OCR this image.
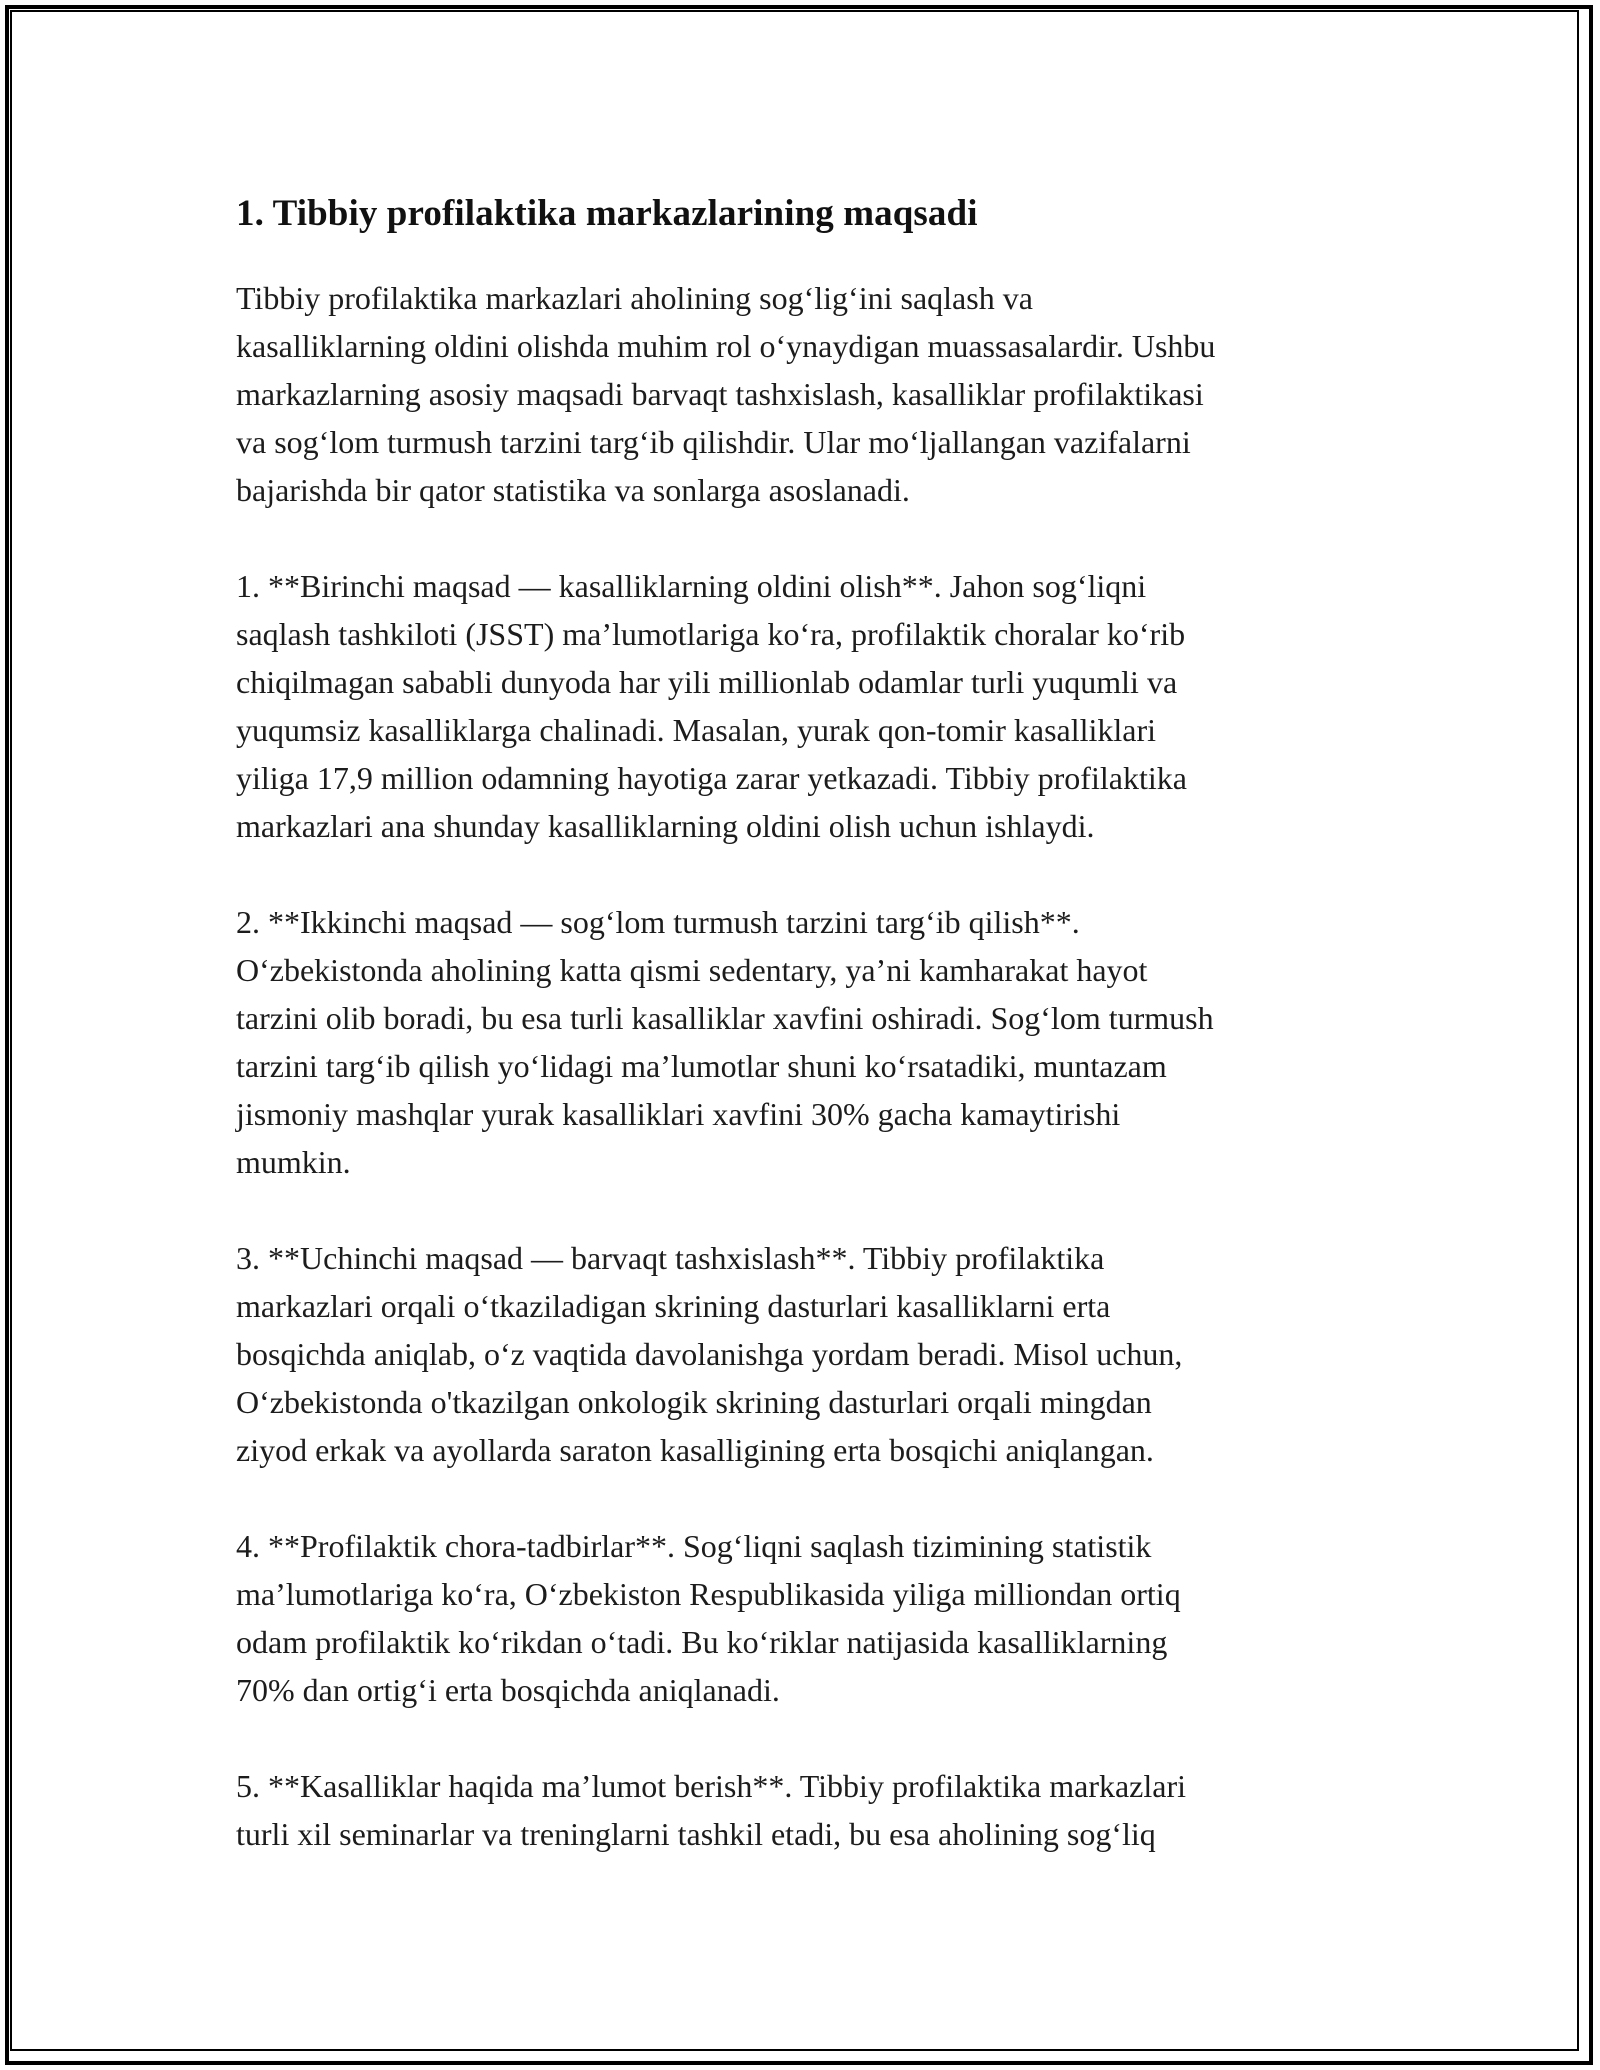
1. Tibbiy profilaktika markazlarining maqsadi

Tibbiy profilaktika markazlari aholining sog‘lig‘ini saqlash va
kasalliklarning oldini olishda muhim rol o‘ynaydigan muassasalardir. Ushbu
markazlarning asosiy maqsadi barvaqt tashxislash, kasalliklar profilaktikasi
va sog‘lom turmush tarzini targ‘ib qilishdir. Ular mo‘ljallangan vazifalarni
bajarishda bir qator statistika va sonlarga asoslanadi.

1. **Birinchi maqsad — kasalliklarning oldini olish**. Jahon sog‘liqni
saqlash tashkiloti (JSST) ma’lumotlariga ko‘ra, profilaktik choralar ko‘rib
chiqilmagan sababli dunyoda har yili millionlab odamlar turli yuqumli va
yuqumsiz kasalliklarga chalinadi. Masalan, yurak qon-tomir kasalliklari
yiliga 17,9 million odamning hayotiga zarar yetkazadi. Tibbiy profilaktika
markazlari ana shunday kasalliklarning oldini olish uchun ishlaydi.

2. **Ikkinchi maqsad — sog‘lom turmush tarzini targ‘ib qilish**.
O‘zbekistonda aholining katta qismi sedentary, ya’ni kamharakat hayot
tarzini olib boradi, bu esa turli kasalliklar xavfini oshiradi. Sog‘lom turmush
tarzini targ‘ib qilish yo‘lidagi ma’lumotlar shuni ko‘rsatadiki, muntazam
jismoniy mashqlar yurak kasalliklari xavfini 30% gacha kamaytirishi
mumkin.

3. **Uchinchi maqsad — barvaqt tashxislash**. Tibbiy profilaktika
markazlari orqali o‘tkaziladigan skrining dasturlari kasalliklarni erta
bosqichda aniqlab, o‘z vaqtida davolanishga yordam beradi. Misol uchun,
O‘zbekistonda o'tkazilgan onkologik skrining dasturlari orqali mingdan
ziyod erkak va ayollarda saraton kasalligining erta bosqichi aniqlangan.

4. **Profilaktik chora-tadbirlar**. Sog‘liqni saqlash tizimining statistik
ma’lumotlariga ko‘ra, O‘zbekiston Respublikasida yiliga milliondan ortiq
odam profilaktik ko‘rikdan o‘tadi. Bu ko‘riklar natijasida kasalliklarning
70% dan ortig‘i erta bosqichda aniqlanadi.

5. **Kasalliklar haqida ma’lumot berish**. Tibbiy profilaktika markazlari
turli xil seminarlar va treninglarni tashkil etadi, bu esa aholining sog‘liq
